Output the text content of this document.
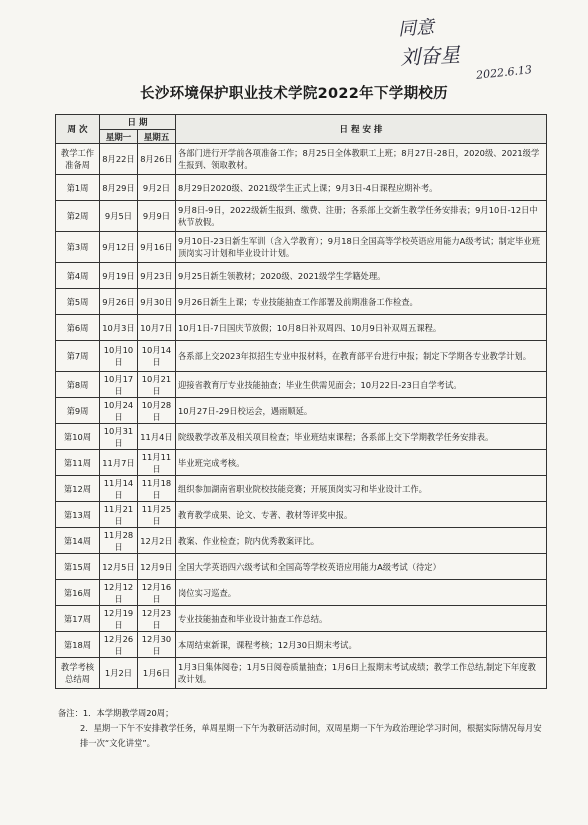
同意
刘奋星
2022.6.13
长沙环境保护职业技术学院2022年下学期校历
周 次	日 期		日 程 安 排
	星期一	星期五	
教学工作准备周	8月22日	8月26日	各部门进行开学前各项准备工作；8月25日全体教职工上班；8月27日-28日，2020级、2021级学生报到、领取教材。
第1周	8月29日	9月2日	8月29日2020级、2021级学生正式上课；9月3日-4日课程应期补考。
第2周	9月5日	9月9日	9月8日-9日，2022级新生报到、缴费、注册；各系部上交新生教学任务安排表；9月10日-12日中秋节放假。
第3周	9月12日	9月16日	9月10日-23日新生军训（含入学教育）；9月18日全国高等学校英语应用能力A级考试；制定毕业班顶岗实习计划和毕业设计计划。
第4周	9月19日	9月23日	9月25日新生领教材；2020级、2021级学生学籍处理。
第5周	9月26日	9月30日	9月26日新生上课；专业技能抽查工作部署及前期准备工作检查。
第6周	10月3日	10月7日	10月1日-7日国庆节放假；10月8日补双周四、10月9日补双周五课程。
第7周	10月10日	10月14日	各系部上交2023年拟招生专业申报材料，在教育部平台进行申报；制定下学期各专业教学计划。
第8周	10月17日	10月21日	迎接省教育厅专业技能抽查；毕业生供需见面会；10月22日-23日自学考试。
第9周	10月24日	10月28日	10月27日-29日校运会，遇雨顺延。
第10周	10月31日	11月4日	院级教学改革及相关项目检查；毕业班结束课程；各系部上交下学期教学任务安排表。
第11周	11月7日	11月11日	毕业班完成考核。
第12周	11月14日	11月18日	组织参加湖南省职业院校技能竞赛；开展顶岗实习和毕业设计工作。
第13周	11月21日	11月25日	教育教学成果、论文、专著、教材等评奖申报。
第14周	11月28日	12月2日	教案、作业检查；院内优秀教案评比。
第15周	12月5日	12月9日	全国大学英语四六级考试和全国高等学校英语应用能力A级考试（待定）
第16周	12月12日	12月16日	岗位实习巡查。
第17周	12月19日	12月23日	专业技能抽查和毕业设计抽查工作总结。
第18周	12月26日	12月30日	本周结束新课，课程考核；12月30日期末考试。
教学考核总结周	1月2日	1月6日	1月3日集体阅卷；1月5日阅卷质量抽查；1月6日上报期末考试成绩；教学工作总结,制定下年度教改计划。
备注：1．本学期教学周20周；
2．星期一下午不安排教学任务，单周星期一下午为教研活动时间，双周星期一下午为政治理论学习时间，根据实际情况每月安排一次“文化讲堂”。
